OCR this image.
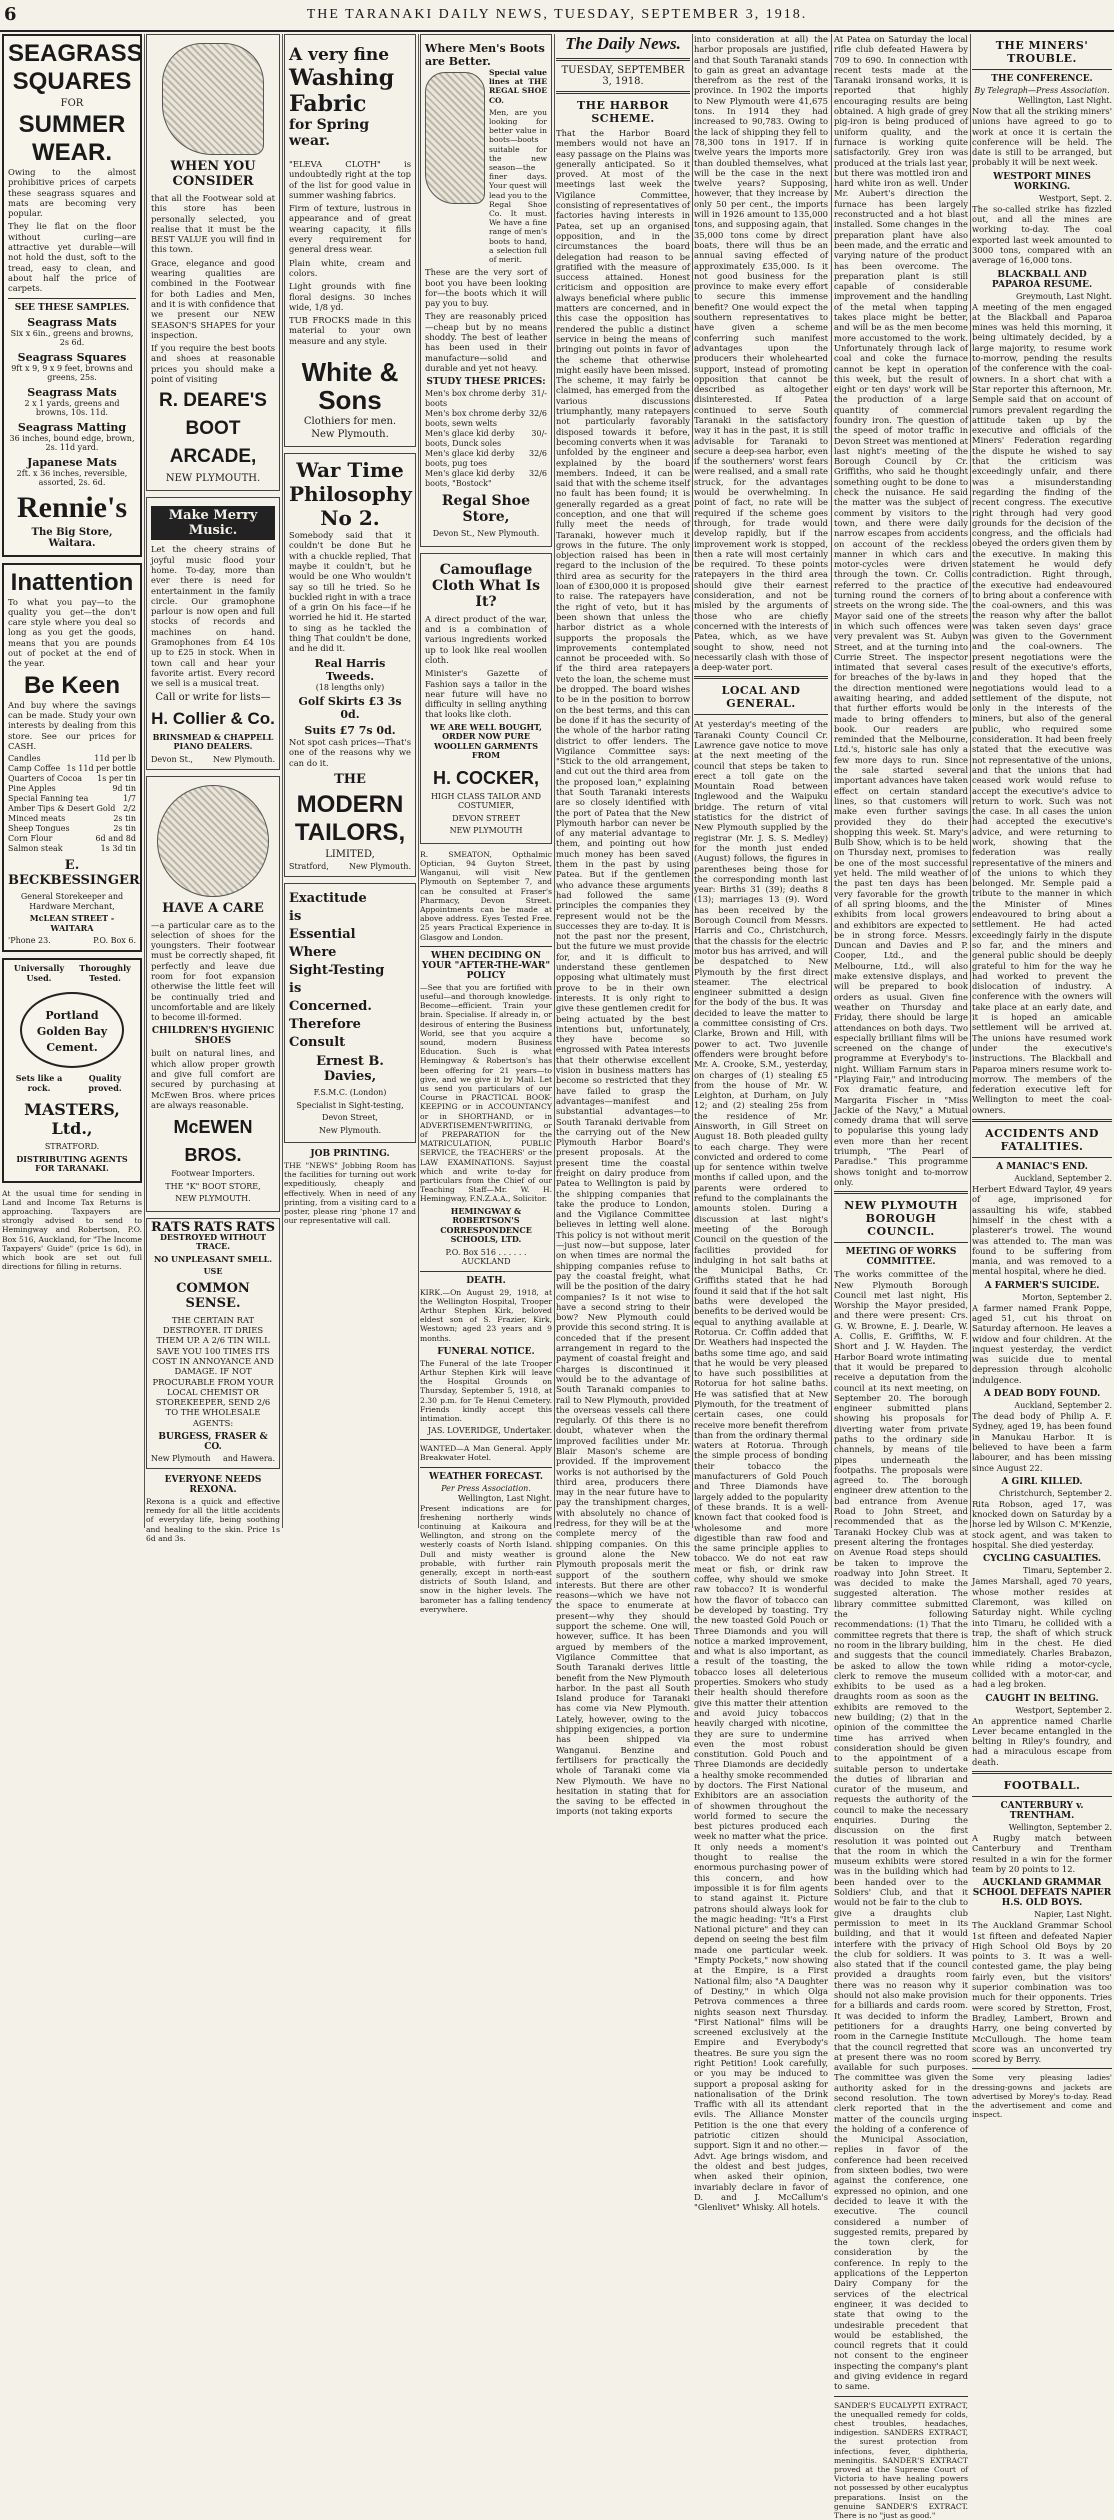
6	THE TARANAKI DAILY NEWS, TUESDAY, SEPTEMBER 3, 1918.
SEAGRASS
SQUARES
FOR
SUMMER
WEAR.

Owing to the almost prohibitive prices of carpets these seagrass squares and mats are becoming very popular.

They lie flat on the floor without curling—are attractive yet durable—will not hold the dust, soft to the tread, easy to clean, and about half the price of carpets.

SEE THESE SAMPLES.
Seagrass Mats
Six x 6in., greens and browns, 2s 6d.
Seagrass Squares
9ft x 9, 9 x 9 feet, browns and greens, 25s.
Seagrass Mats
2 x 1 yards, greens and browns, 10s. 11d.
Seagrass Matting
36 inches, bound edge, brown, 2s. 11d yard.
Japanese Mats
2ft. x 36 inches, reversible, assorted, 2s. 6d.
Rennie's
The Big Store, Waitara.
Inattention

To what you pay—to the quality you get—the don't care style where you deal so long as you get the goods, means that you are pounds out of pocket at the end of the year.

Be Keen

And buy where the savings can be made. Study your own interests by dealing from this store. See our prices for CASH.

Candles	11d per lb
Camp Coffee 1s 11d per bottle
Quarters of Cocoa 1s per tin
Pine Apples	9d tin
Special Fanning tea	1/7
Amber Tips & Desert Gold 2/2
Minced meats	2s tin
Sheep Tongues	2s tin
Corn Flour	6d and 8d
Salmon steak	1s 3d tin
E. BECKBESSINGER
General Storekeeper and Hardware Merchant,
McLEAN STREET - WAITARA
'Phone 23.	P.O. Box 6.
Universally Used.
Thoroughly Tested.
Portland
Golden Bay
Cement.
Sets like a rock.
Quality proved.
MASTERS, Ltd.,
STRATFORD.
DISTRIBUTING AGENTS FOR TARANAKI.

At the usual time for sending in Land and Income Tax Returns is approaching. Taxpayers are strongly advised to send to Hemingway and Robertson, P.O. Box 516, Auckland, for "The Income Taxpayers' Guide" (price 1s 6d), in which book are set out full directions for filling in returns.

WHEN YOU CONSIDER

that all the Footwear sold at this store has been personally selected, you realise that it must be the BEST VALUE you will find in this town.

Grace, elegance and good wearing qualities are combined in the Footwear for both Ladies and Men, and it is with confidence that we present our NEW SEASON'S SHAPES for your inspection.

If you require the best boots and shoes at reasonable prices you should make a point of visiting

R. DEARE'S
BOOT
ARCADE,
NEW PLYMOUTH.
Make Merry Music.

Let the cheery strains of joyful music flood your home. To-day, more than ever there is need for entertainment in the family circle. Our gramophone parlour is now open and full stocks of records and machines on hand. Gramophones from £4 10s up to £25 in stock. When in town call and hear your favorite artist. Every record we sell is a musical treat.

Call or write for lists—
H. Collier & Co.
BRINSMEAD & CHAPPELL PIANO DEALERS.
Devon St., New Plymouth.
HAVE A CARE

—a particular care as to the selection of shoes for the youngsters. Their footwear must be correctly shaped, fit perfectly and leave due room for foot expansion otherwise the little feet will be continually tried and uncomfortable and are likely to become ill-formed.

CHILDREN'S HYGIENIC SHOES

built on natural lines, and which allow proper growth and give full comfort are secured by purchasing at McEwen Bros. where prices are always reasonable.

McEWEN BROS.
Footwear Importers.
THE "K" BOOT STORE,
NEW PLYMOUTH.
RATS RATS RATS
DESTROYED WITHOUT TRACE.
NO UNPLEASANT SMELL.
USE
COMMON SENSE.

THE CERTAIN RAT DESTROYER. IT DRIES THEM UP. A 2/6 TIN WILL SAVE YOU 100 TIMES ITS COST IN ANNOYANCE AND DAMAGE. IF NOT PROCURABLE FROM YOUR LOCAL CHEMIST OR STOREKEEPER, SEND 2/6 TO THE WHOLESALE AGENTS:

BURGESS, FRASER & CO.
New Plymouth and Hawera.
EVERYONE NEEDS REXONA.

Rexona is a quick and effective remedy for all the little accidents of everyday life, being soothing and healing to the skin. Price 1s 6d and 3s.

A very fine
Washing
Fabric
for Spring wear.

"ELEVA CLOTH" is undoubtedly right at the top of the list for good value in summer washing fabrics.

Firm of texture, lustrous in appearance and of great wearing capacity, it fills every requirement for general dress wear.

Plain white, cream and colors.

Light grounds with fine floral designs. 30 inches wide, 1/8 yd.

TUB FROCKS made in this material to your own measure and any style.

White & Sons
Clothiers for men.
New Plymouth.
War Time
Philosophy
No 2.

Somebody said that it couldn't be done But he with a chuckle replied, That maybe it couldn't, but he would be one Who wouldn't say so till he tried. So he buckled right in with a trace of a grin On his face—if he worried he hid it. He started to sing as he tackled the thing That couldn't be done, and he did it.

Real Harris Tweeds.
(18 lengths only)
Golf Skirts £3 3s 0d.
Suits £7 7s 0d.

Not spot cash prices—That's one of the reasons why we can do it.

THE
MODERN
TAILORS,
LIMITED,
Stratford,	New Plymouth.
Exactitude
is
Essential
Where
Sight-Testing
is
Concerned.
Therefore
Consult
Ernest B. Davies,
F.S.M.C. (London)
Specialist in Sight-testing,
Devon Street,
New Plymouth.
JOB PRINTING.

THE "NEWS" Jobbing Room has the facilities for turning out work expeditiously, cheaply and effectively. When in need of any printing, from a visiting card to a poster, please ring 'phone 17 and our representative will call.

Where Men's Boots are Better.

Special value lines at THE REGAL SHOE CO.

Men, are you looking for better value in boots—boots suitable for the new season—the finer days. Your quest will lead you to the Regal Shoe Co. It must. We have a fine range of men's boots to hand, a selection full of merit.

These are the very sort of boot you have been looking for—the boots which it will pay you to buy.

They are reasonably priced—cheap but by no means shoddy. The best of leather has been used in their manufacture—solid and durable and yet not heavy.

STUDY THESE PRICES:
Men's box chrome derby boots
31/-
Men's box chrome derby boots, sewn welts
32/6
Men's glace kid derby boots, Dunck soles
30/-
Men's glace kid derby boots, pug toes
32/6
Men's glace kid derby boots, "Bostock"
32/6
Regal Shoe Store,
Devon St., New Plymouth.
Camouflage Cloth What Is It?

A direct product of the war, and is a combination of various ingredients worked up to look like real woollen cloth.

Minister's Gazette of Fashion says a tailor in the near future will have no difficulty in selling anything that looks like cloth.

WE ARE WELL BOUGHT, ORDER NOW PURE WOOLLEN GARMENTS FROM
H. COCKER,
HIGH CLASS TAILOR AND COSTUMIER,
DEVON STREET
NEW PLYMOUTH

R. SMEATON, Opthalmic Optician, 94 Guyton Street, Wanganui, will visit New Plymouth on September 7, and can be consulted at Fraser's Pharmacy, Devon Street. Appointments can be made at above address. Eyes Tested Free. 25 years Practical Experience in Glasgow and London.

WHEN DECIDING ON YOUR "AFTER-THE-WAR" POLICY

—See that you are fortified with useful—and thorough knowledge. Become—efficient. Train your brain. Specialise. If already in, or desirous of entering the Business World, see that you acquire a sound, modern Business Education. Such is what Hemingway & Robertson's has been offering for 21 years—to give, and we give it by Mail. Let us send you particulars of our Course in PRACTICAL BOOK-KEEPING or in ACCOUNTANCY or in SHORTHAND, or in ADVERTISEMENT-WRITING, or of PREPARATION for the MATRICULATION, PUBLIC SERVICE, the TEACHERS' or the LAW EXAMINATIONS. Sayjust which and write to-day for particulars from the Chief of our Teaching Staff—Mr. W. H. Hemingway, F.N.Z.A.A., Solicitor.

HEMINGWAY & ROBERTSON'S CORRESPONDENCE SCHOOLS, LTD.
P.O. Box 516 . . . . . . AUCKLAND
DEATH.

KIRK.—On August 29, 1918, at the Wellington Hospital, Trooper Arthur Stephen Kirk, beloved eldest son of S. Frazier, Kirk, Westown; aged 23 years and 9 months.

FUNERAL NOTICE.

The Funeral of the late Trooper Arthur Stephen Kirk will leave the Hospital Grounds on Thursday, September 5, 1918, at 2.30 p.m. for Te Henui Cemetery. Friends kindly accept this intimation.

JAS. LOVERIDGE, Undertaker.

WANTED—A Man General. Apply Breakwater Hotel.

WEATHER FORECAST.
Per Press Association.
Wellington, Last Night.

Present indications are for freshening northerly winds continuing at Kaikoura and Wellington, and strong on the westerly coasts of North Island. Dull and misty weather is probable, with further rain generally, except in north-east districts of South Island, and snow in the higher levels. The barometer has a falling tendency everywhere.

The Daily News.
TUESDAY, SEPTEMBER 3, 1918.
THE HARBOR SCHEME.

That the Harbor Board members would not have an easy passage on the Plains was generally anticipated. So it proved. At most of the meetings last week the Vigilance Committee, consisting of representatives of factories having interests in Patea, set up an organised opposition, and in the circumstances the board delegation had reason to be gratified with the measure of success attained. Honest criticism and opposition are always beneficial where public matters are concerned, and in this case the opposition has rendered the public a distinct service in being the means of bringing out points in favor of the scheme that otherwise might easily have been missed. The scheme, it may fairly be claimed, has emerged from the various discussions triumphantly, many ratepayers not particularly favorably disposed towards it before, becoming converts when it was unfolded by the engineer and explained by the board members. Indeed, it can be said that with the scheme itself no fault has been found; it is generally regarded as a great conception, and one that will fully meet the needs of Taranaki, however much it grows in the future. The only objection raised has been in regard to the inclusion of the third area as security for the loan of £300,000 it is proposed to raise. The ratepayers have the right of veto, but it has been shown that unless the harbor district as a whole supports the proposals the improvements contemplated cannot be proceeded with. So if the third area ratepayers veto the loan, the scheme must be dropped. The board wishes to be in the position to borrow on the best terms, and this can be done if it has the security of the whole of the harbor rating district to offer lenders. The Vigilance Committee says: "Stick to the old arrangement, and cut out the third area from the proposed loan," explaining that South Taranaki interests are so closely identified with the port of Patea that the New Plymouth harbor can never be of any material advantage to them, and pointing out how much money has been saved them in the past by using Patea. But if the gentlemen who advance these arguments had followed the same principles the companies they represent would not be the successes they are to-day. It is not the past nor the present, but the future we must provide for, and it is difficult to understand these gentlemen opposing what ultimately must prove to be in their own interests. It is only right to give these gentlemen credit for being actuated by the best intentions but, unfortunately, they have become so engrossed with Patea interests that their otherwise excellent vision in business matters has become so restricted that they have failed to grasp the advantages—manifest and substantial advantages—to South Taranaki derivable from the carrying out of the New Plymouth Harbor Board's present proposals. At the present time the coastal freight on dairy produce from Patea to Wellington is paid by the shipping companies that take the produce to London, and the Vigilance Committee believes in letting well alone. This policy is not without merit—just now—but suppose, later on when times are normal the shipping companies refuse to pay the coastal freight, what will be the position of the dairy companies? Is it not wise to have a second string to their bow? New Plymouth could provide this second string. It is conceded that if the present arrangement in regard to the payment of coastal freight and charges is discontinued it would be to the advantage of South Taranaki companies to rail to New Plymouth, provided the overseas vessels call there regularly. Of this there is no doubt, whatever when the improved facilities under Mr. Blair Mason's scheme are provided. If the improvement works is not authorised by the third area, producers there may in the near future have to pay the transhipment charges, with absolutely no chance of redress, for they will be at the complete mercy of the shipping companies. On this ground alone the New Plymouth proposals merit the support of the southern interests. But there are other reasons—which we have not the space to enumerate at present—why they should support the scheme. One will, however, suffice. It has been argued by members of the Vigilance Committee that South Taranaki derives little benefit from the New Plymouth harbor. In the past all South Island produce for Taranaki has come via New Plymouth. Lately, however, owing to the shipping exigencies, a portion has been shipped via Wanganui. Benzine and fertilisers for practically the whole of Taranaki come via New Plymouth. We have no hesitation in stating that for the saving to be effected in imports (not taking exports

into consideration at all) the harbor proposals are justified, and that South Taranaki stands to gain as great an advantage therefrom as the rest of the province. In 1902 the imports to New Plymouth were 41,675 tons. In 1914 they had increased to 90,783. Owing to the lack of shipping they fell to 78,300 tons in 1917. If in twelve years the imports more than doubled themselves, what will be the case in the next twelve years? Supposing, however, that they increase by only 50 per cent., the imports will in 1926 amount to 135,000 tons, and supposing again, that 35,000 tons come by direct boats, there will thus be an annual saving effected of approximately £35,000. Is it not good business for the province to make every effort to secure this immense benefit? One would expect the southern representatives to have given a scheme conferring such manifest advantages upon the producers their wholehearted support, instead of promoting opposition that cannot be described as altogether disinterested. If Patea continued to serve South Taranaki in the satisfactory way it has in the past, it is still advisable for Taranaki to secure a deep-sea harbor, even if the southerners' worst fears were realised, and a small rate struck, for the advantages would be overwhelming. In point of fact, no rate will be required if the scheme goes through, for trade would develop rapidly, but if the improvement work is stopped, then a rate will most certainly be required. To these points ratepayers in the third area should give their earnest consideration, and not be misled by the arguments of those who are chiefly concerned with the interests of Patea, which, as we have sought to show, need not necessarily clash with those of a deep-water port.

LOCAL AND GENERAL.

At yesterday's meeting of the Taranaki County Council Cr. Lawrence gave notice to move at the next meeting of the council that steps be taken to erect a toll gate on the Mountain Road between Inglewood and the Waipuku bridge. The return of vital statistics for the district of New Plymouth supplied by the registrar (Mr. J. S. S. Medley) for the month just ended (August) follows, the figures in parentheses being those for the corresponding month last year: Births 31 (39); deaths 8 (13); marriages 13 (9). Word has been received by the Borough Council from Messrs. Harris and Co., Christchurch, that the chassis for the electric motor bus has arrived, and will be despatched to New Plymouth by the first direct steamer. The electrical engineer submitted a design for the body of the bus. It was decided to leave the matter to a committee consisting of Crs. Clarke, Brown and Hill, with power to act. Two juvenile offenders were brought before Mr. A. Crooke, S.M., yesterday, on charges of (1) stealing £5 from the house of Mr. W. Leighton, at Durham, on July 12; and (2) stealing 25s from the residence of Mr. Ainsworth, in Gill Street on August 18. Both pleaded guilty to each charge. They were convicted and ordered to come up for sentence within twelve months if called upon, and the parents were ordered to refund to the complainants the amounts stolen. During a discussion at last night's meeting of the Borough Council on the question of the facilities provided for indulging in hot salt baths at the Municipal Baths, Cr. Griffiths stated that he had found it said that if the hot salt baths were developed the benefits to be derived would be equal to anything available at Rotorua. Cr. Coffin added that Dr. Weathers had inspected the baths some time ago, and said that he would be very pleased to have such possibilities at Rotorua for hot saline baths. He was satisfied that at New Plymouth, for the treatment of certain cases, one could receive more benefit therefrom than from the ordinary thermal waters at Rotorua. Through the simple process of bonding their tobacco the manufacturers of Gold Pouch and Three Diamonds have largely added to the popularity of these brands. It is a well-known fact that cooked food is wholesome and more digestible than raw food and the same principle applies to tobacco. We do not eat raw meat or fish, or drink raw coffee, why should we smoke raw tobacco? It is wonderful how the flavor of tobacco can be developed by toasting. Try the new toasted Gold Pouch or Three Diamonds and you will notice a marked improvement, and what is also important, as a result of the toasting, the tobacco loses all deleterious properties. Smokers who study their health should therefore give this matter their attention and avoid juicy tobaccos heavily charged with nicotine, they are sure to undermine even the most robust constitution. Gold Pouch and Three Diamonds are decidedly a healthy smoke recommended by doctors. The First National Exhibitors are an association of showmen throughout the world formed to secure the best pictures produced each week no matter what the price. It only needs a moment's thought to realise the enormous purchasing power of this concern, and how impossible it is for film agents to stand against it. Picture patrons should always look for the magic heading: "It's a First National picture" and they can depend on seeing the best film made one particular week. "Empty Pockets," now showing at the Empire, is a First National film; also "A Daughter of Destiny," in which Olga Petrova commences a three nights season next Thursday. "First National" films will be screened exclusively at the Empire and Everybody's theatres. Be sure you sign the right Petition! Look carefully, or you may be induced to support a proposal asking for nationalisation of the Drink Traffic with all its attendant evils. The Alliance Monster Petition is the one that every patriotic citizen should support. Sign it and no other.—Advt. Age brings wisdom, and the oldest and best judges, when asked their opinion, invariably declare in favor of D. and J. McCallum's "Glenlivet" Whisky. All hotels.

At Patea on Saturday the local rifle club defeated Hawera by 709 to 690. In connection with recent tests made at the Taranaki ironsand works, it is reported that highly encouraging results are being obtained. A high grade of grey pig-iron is being produced of uniform quality, and the furnace is working quite satisfactorily. Grey iron was produced at the trials last year, but there was mottled iron and hard white iron as well. Under Mr. Aubert's direction the furnace has been largely reconstructed and a hot blast installed. Some changes in the preparation plant have also been made, and the erratic and varying nature of the product has been overcome. The preparation plant is still capable of considerable improvement and the handling of the metal when tapping takes place might be better, and will be as the men become more accustomed to the work. Unfortunately through lack of coal and coke the furnace cannot be kept in operation this week, but the result of eight or ten days' work will be the production of a large quantity of commercial foundry iron. The question of the speed of motor traffic in Devon Street was mentioned at last night's meeting of the Borough Council by Cr. Griffiths, who said he thought something ought to be done to check the nuisance. He said the matter was the subject of comment by visitors to the town, and there were daily narrow escapes from accidents on account of the reckless manner in which cars and motor-cycles were driven through the town. Cr. Collis referred to the practice of turning round the corners of streets on the wrong side. The Mayor said one of the streets in which such offences were very prevalent was St. Aubyn Street, and at the turning into Currie Street. The inspector intimated that several cases for breaches of the by-laws in the direction mentioned were awaiting hearing, and added that further efforts would be made to bring offenders to book. Our readers are reminded that the Melbourne, Ltd.'s, historic sale has only a few more days to run. Since the sale started several important advances have taken effect on certain standard lines, so that customers will make even further savings provided they do their shopping this week. St. Mary's Bulb Show, which is to be held on Thursday next, promises to be one of the most successful yet held. The mild weather of the past ten days has been very favorable for the growth of all spring blooms, and the exhibits from local growers and exhibitors are expected to be in strong force. Messrs. Duncan and Davies and P. Cooper, Ltd., and the Melbourne, Ltd., will also make extensive displays, and will be prepared to book orders as usual. Given fine weather on Thursday and Friday, there should be large attendances on both days. Two especially brilliant films will be screened on the change of programme at Everybody's to-night. William Farnum stars in "Playing Fair," and introducing Fox dramatic feature, and Margarita Fischer in "Miss Jackie of the Navy," a Mutual comedy drama that will serve to popularise this young lady even more than her recent triumph, "The Pearl of Paradise." This programme shows tonight and to-morrow only.

NEW PLYMOUTH BOROUGH COUNCIL.
MEETING OF WORKS COMMITTEE.

The works committee of the New Plymouth Borough Council met last night, His Worship the Mayor presided, and there were present: Crs. G. W. Browne, E. J. Dearle, W. A. Collis, E. Griffiths, W. F. Short and J. W. Hayden. The Harbor Board wrote intimating that it would be prepared to receive a deputation from the council at its next meeting, on September 20. The borough engineer submitted plans showing his proposals for diverting water from private paths to the ordinary side channels, by means of tile pipes underneath the footpaths. The proposals were agreed to. The borough engineer drew attention to the bad entrance from Avenue Road to John Street, and recommended that as the Taranaki Hockey Club was at present altering the frontages on Avenue Road steps should be taken to improve the roadway into John Street. It was decided to make the suggested alteration. The library committee submitted the following recommendations: (1) That the committee regrets that there is no room in the library building, and suggests that the council be asked to allow the town clerk to remove the museum exhibits to be used as a draughts room as soon as the exhibits are removed to the new building; (2) that in the opinion of the committee the time has arrived when consideration should be given to the appointment of a suitable person to undertake the duties of librarian and curator of the museum, and requests the authority of the council to make the necessary enquiries. During the discussion on the first resolution it was pointed out that the room in which the museum exhibits were stored was in the building which had been handed over to the Soldiers' Club, and that it would not be fair to the club to give a draughts club permission to meet in its building, and that it would interfere with the privacy of the club for soldiers. It was also stated that if the council provided a draughts room there was no reason why it should not also make provision for a billiards and cards room. It was decided to inform the petitioners for a draughts room in the Carnegie Institute that the council regretted that at present there was no room available for such purposes. The committee was given the authority asked for in the second resolution. The town clerk reported that in the matter of the councils urging the holding of a conference of the Municipal Association, replies in favor of the conference had been received from sixteen bodies, two were against the conference, one expressed no opinion, and one decided to leave it with the executive. The council considered a number of suggested remits, prepared by the town clerk, for consideration by the conference. In reply to the applications of the Lepperton Dairy Company for the services of the electrical engineer, it was decided to state that owing to the undesirable precedent that would be established, the council regrets that it could not consent to the engineer inspecting the company's plant and giving evidence in regard to same.

SANDER'S EUCALYPTI EXTRACT, the unequalled remedy for colds, chest troubles, headaches, indigestion. SANDERS EXTRACT, the surest protection from infections, fever, diphtheria, meningitis. SANDER'S EXTRACT proved at the Supreme Court of Victoria to have healing powers not possessed by other eucalyptus preparations. Insist on the genuine SANDER'S EXTRACT. There is no "just as good."

THE MINERS' TROUBLE.
THE CONFERENCE.
By Telegraph—Press Association.
Wellington, Last Night.

Now that all the striking miners' unions have agreed to go to work at once it is certain the conference will be held. The date is still to be arranged, but probably it will be next week.

WESTPORT MINES WORKING.
Westport, Sept. 2.

The so-called strike has fizzled out, and all the mines are working to-day. The coal exported last week amounted to 3000 tons, compared with an average of 16,000 tons.

BLACKBALL AND PAPAROA RESUME.
Greymouth, Last Night.

A meeting of the men engaged at the Blackball and Paparoa mines was held this morning, it being ultimately decided, by a large majority, to resume work to-morrow, pending the results of the conference with the coal-owners. In a short chat with a Star reporter this afternoon, Mr. Semple said that on account of rumors prevalent regarding the attitude taken up by the executive and officials of the Miners' Federation regarding the dispute he wished to say that the criticism was exceedingly unfair, and there was a misunderstanding regarding the finding of the recent congress. The executive right through had very good grounds for the decision of the congress, and the officials had obeyed the orders given them by the executive. In making this statement he would defy contradiction. Right through, the executive had endeavoured to bring about a conference with the coal-owners, and this was the reason why after the ballot was taken seven days' grace was given to the Government and the coal-owners. The present negotiations were the result of the executive's efforts, and they hoped that the negotiations would lead to a settlement of the dispute, not only in the interests of the miners, but also of the general public, who required some consideration. It had been freely stated that the executive was not representative of the unions, and that the unions that had ceased work would refuse to accept the executive's advice to return to work. Such was not the case. In all cases the union had accepted the executive's advice, and were returning to work, showing that the federation was really representative of the miners and of the unions to which they belonged. Mr. Semple paid a tribute to the manner in which the Minister of Mines endeavoured to bring about a settlement. He had acted exceedingly fairly in the dispute so far, and the miners and general public should be deeply grateful to him for the way he had worked to prevent the dislocation of industry. A conference with the owners will take place at an early date, and it is hoped an amicable settlement will be arrived at. The unions have resumed work under the executive's instructions. The Blackball and Paparoa miners resume work to-morrow. The members of the federation executive left for Wellington to meet the coal-owners.

ACCIDENTS AND FATALITIES.
A MANIAC'S END.
Auckland, September 2.

Herbert Edward Taylor, 49 years of age, imprisoned for assaulting his wife, stabbed himself in the chest with a plasterer's trowel. The wound was attended to. The man was found to be suffering from mania, and was removed to a mental hospital, where he died.

A FARMER'S SUICIDE.
Morton, September 2.

A farmer named Frank Poppe, aged 51, cut his throat on Saturday afternoon. He leaves a widow and four children. At the inquest yesterday, the verdict was suicide due to mental depression through alcoholic indulgence.

A DEAD BODY FOUND.
Auckland, September 2.

The dead body of Philip A. F. Sydney, aged 19, has been found in Manukau Harbor. It is believed to have been a farm labourer, and has been missing since August 22.

A GIRL KILLED.
Christchurch, September 2.

Rita Robson, aged 17, was knocked down on Saturday by a horse led by Wilson C. M'Kenzie, stock agent, and was taken to hospital. She died yesterday.

CYCLING CASUALTIES.
Timaru, September 2.

James Marshall, aged 70 years, whose mother resides at Claremont, was killed on Saturday night. While cycling into Timaru, he collided with a trap, the shaft of which struck him in the chest. He died immediately. Charles Brabazon, while riding a motor-cycle, collided with a motor-car, and had a leg broken.

CAUGHT IN BELTING.
Westport, September 2.

An apprentice named Charlie Lever became entangled in the belting in Riley's foundry, and had a miraculous escape from death.

FOOTBALL.
CANTERBURY v. TRENTHAM.
Wellington, September 2.

A Rugby match between Canterbury and Trentham resulted in a win for the former team by 20 points to 12.

AUCKLAND GRAMMAR SCHOOL DEFEATS NAPIER H.S. OLD BOYS.
Napier, Last Night.

The Auckland Grammar School 1st fifteen and defeated Napier High School Old Boys by 20 points to 3. It was a well-contested game, the play being fairly even, but the visitors' superior combination was too much for their opponents. Tries were scored by Stretton, Frost, Bradley, Lambert, Brown and Harry, one being converted by McCullough. The home team score was an unconverted try scored by Berry.

Some very pleasing ladies' dressing-gowns and jackets are advertised by Morey's to-day. Read the advertisement and come and inspect.
